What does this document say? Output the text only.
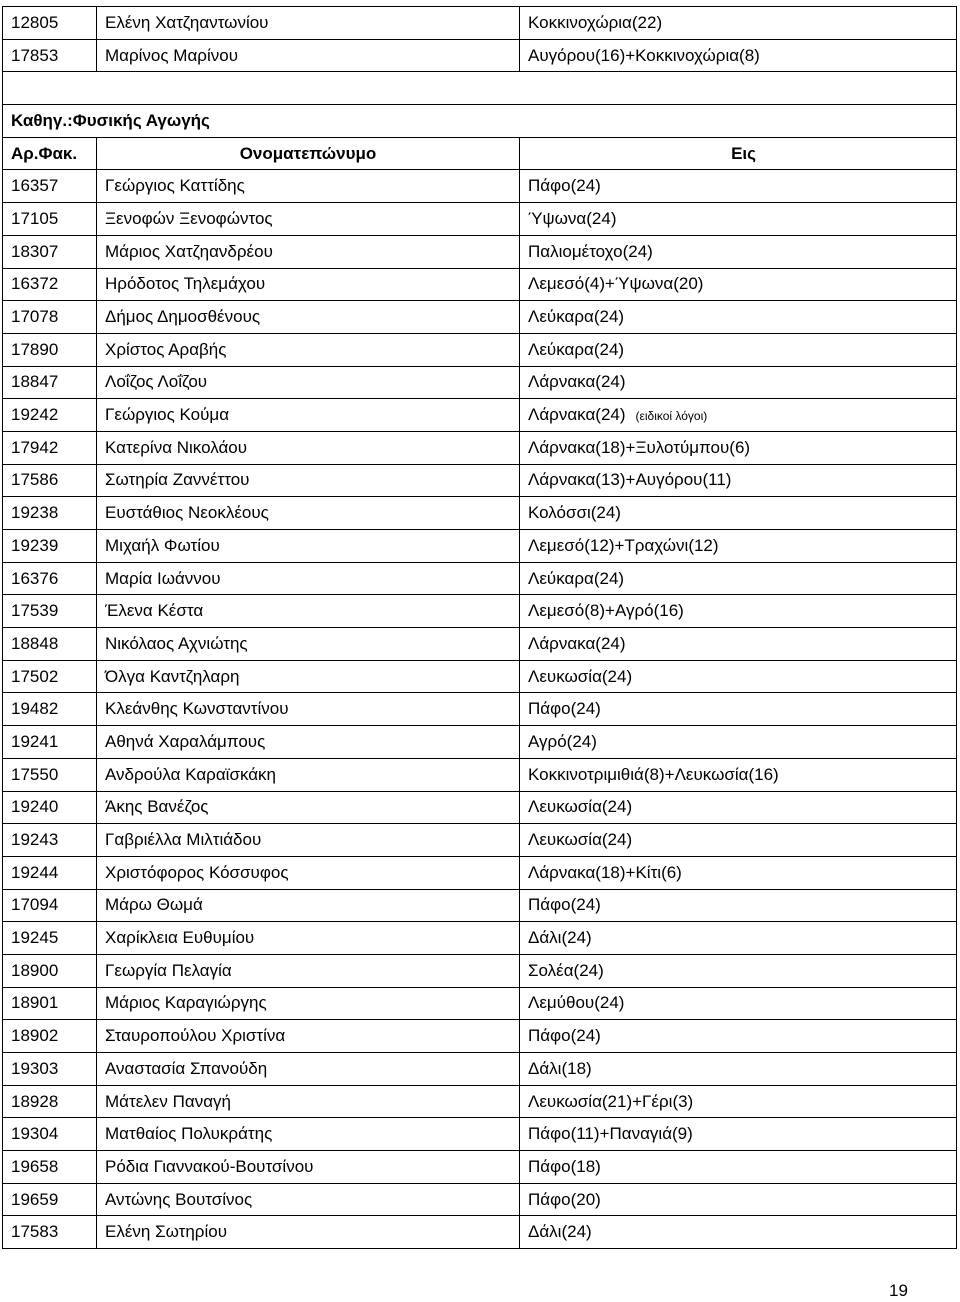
12805	Ελένη Χατζηαντωνίου	Κοκκινοχώρια(22)
17853	Μαρίνος Μαρίνου	Αυγόρου(16)+Κοκκινοχώρια(8)

Καθηγ.:Φυσικής Αγωγής		
Αρ.Φακ.	Ονοματεπώνυμο	Εις
16357	Γεώργιος Καττίδης	Πάφο(24)
17105	Ξενοφών Ξενοφώντος	Ύψωνα(24)
18307	Μάριος Χατζηανδρέου	Παλιομέτοχο(24)
16372	Ηρόδοτος Τηλεμάχου	Λεμεσό(4)+Ύψωνα(20)
17078	Δήμος Δημοσθένους	Λεύκαρα(24)
17890	Χρίστος Αραβής	Λεύκαρα(24)
18847	Λοΐζος Λοΐζου	Λάρνακα(24)
19242	Γεώργιος Κούμα	Λάρνακα(24) (ειδικοί λόγοι)
17942	Κατερίνα Νικολάου	Λάρνακα(18)+Ξυλοτύμπου(6)
17586	Σωτηρία Ζαννέττου	Λάρνακα(13)+Αυγόρου(11)
19238	Ευστάθιος Νεοκλέους	Κολόσσι(24)
19239	Μιχαήλ Φωτίου	Λεμεσό(12)+Τραχώνι(12)
16376	Μαρία Ιωάννου	Λεύκαρα(24)
17539	Έλενα Κέστα	Λεμεσό(8)+Αγρό(16)
18848	Νικόλαος Αχνιώτης	Λάρνακα(24)
17502	Όλγα Καντζηλαρη	Λευκωσία(24)
19482	Κλεάνθης Κωνσταντίνου	Πάφο(24)
19241	Αθηνά Χαραλάμπους	Αγρό(24)
17550	Ανδρούλα Καραϊσκάκη	Κοκκινοτριμιθιά(8)+Λευκωσία(16)
19240	Άκης Βανέζος	Λευκωσία(24)
19243	Γαβριέλλα Μιλτιάδου	Λευκωσία(24)
19244	Χριστόφορος Κόσσυφος	Λάρνακα(18)+Κίτι(6)
17094	Μάρω Θωμά	Πάφο(24)
19245	Χαρίκλεια Ευθυμίου	Δάλι(24)
18900	Γεωργία Πελαγία	Σολέα(24)
18901	Μάριος Καραγιώργης	Λεμύθου(24)
18902	Σταυροπούλου Χριστίνα	Πάφο(24)
19303	Αναστασία Σπανούδη	Δάλι(18)
18928	Μάτελεν Παναγή	Λευκωσία(21)+Γέρι(3)
19304	Ματθαίος Πολυκράτης	Πάφο(11)+Παναγιά(9)
19658	Ρόδια Γιαννακού-Βουτσίνου	Πάφο(18)
19659	Αντώνης Βουτσίνος	Πάφο(20)
17583	Ελένη Σωτηρίου	Δάλι(24)
19
